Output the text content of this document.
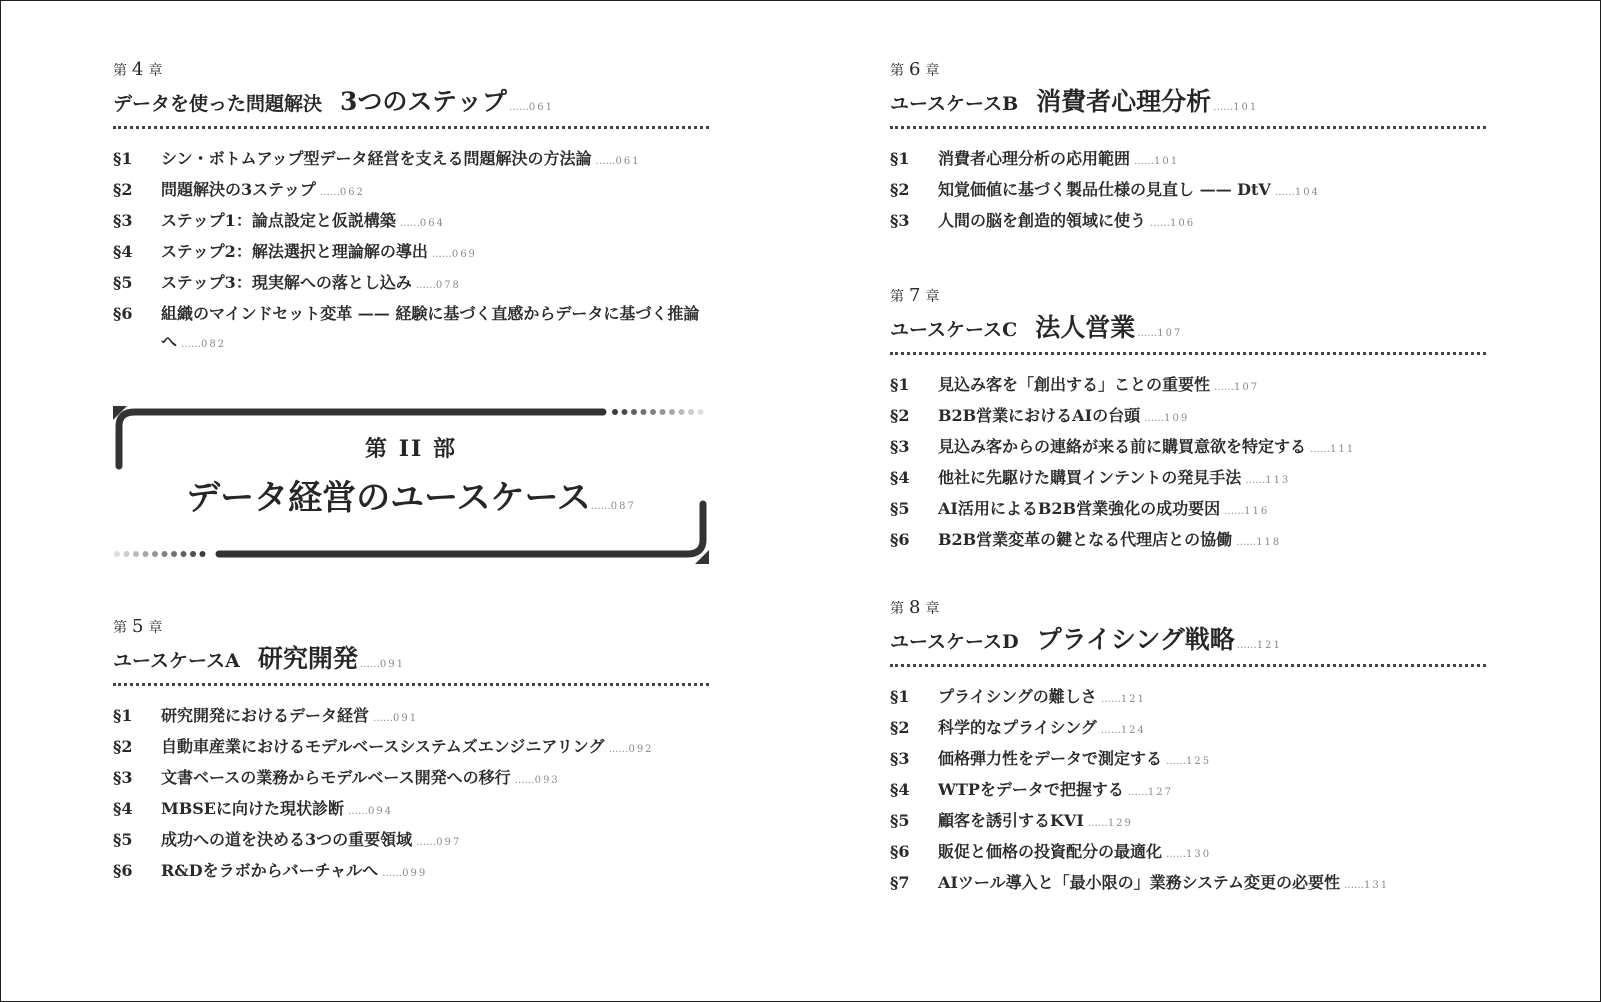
第 4 章
データを使った問題解決 3つのステップ …… 061
§1	シン・ボトムアップ型データ経営を支える問題解決の方法論 …… 061
§2	問題解決の3ステップ …… 062
§3	ステップ1：論点設定と仮説構築 …… 064
§4	ステップ2：解法選択と理論解の導出 …… 069
§5	ステップ3：現実解への落とし込み …… 078
§6	組織のマインドセット変革 —— 経験に基づく直感からデータに基づく推論へ …… 082
第 5 章
ユースケースA 研究開発 …… 091
§1	研究開発におけるデータ経営 …… 091
§2	自動車産業におけるモデルベースシステムズエンジニアリング …… 092
§3	文書ベースの業務からモデルベース開発への移行 …… 093
§4	MBSEに向けた現状診断 …… 094
§5	成功への道を決める3つの重要領域 …… 097
§6	R&Dをラボからバーチャルへ …… 099
第 II 部
データ経営のユースケース …… 087
第 6 章
ユースケースB 消費者心理分析 …… 101
§1	消費者心理分析の応用範囲 …… 101
§2	知覚価値に基づく製品仕様の見直し —— DtV …… 104
§3	人間の脳を創造的領域に使う …… 106
第 7 章
ユースケースC 法人営業 …… 107
§1	見込み客を「創出する」ことの重要性 …… 107
§2	B2B営業におけるAIの台頭 …… 109
§3	見込み客からの連絡が来る前に購買意欲を特定する …… 111
§4	他社に先駆けた購買インテントの発見手法 …… 113
§5	AI活用によるB2B営業強化の成功要因 …… 116
§6	B2B営業変革の鍵となる代理店との協働 …… 118
第 8 章
ユースケースD プライシング戦略 …… 121
§1	プライシングの難しさ …… 121
§2	科学的なプライシング …… 124
§3	価格弾力性をデータで測定する …… 125
§4	WTPをデータで把握する …… 127
§5	顧客を誘引するKVI …… 129
§6	販促と価格の投資配分の最適化 …… 130
§7	AIツール導入と「最小限の」業務システム変更の必要性 …… 131
